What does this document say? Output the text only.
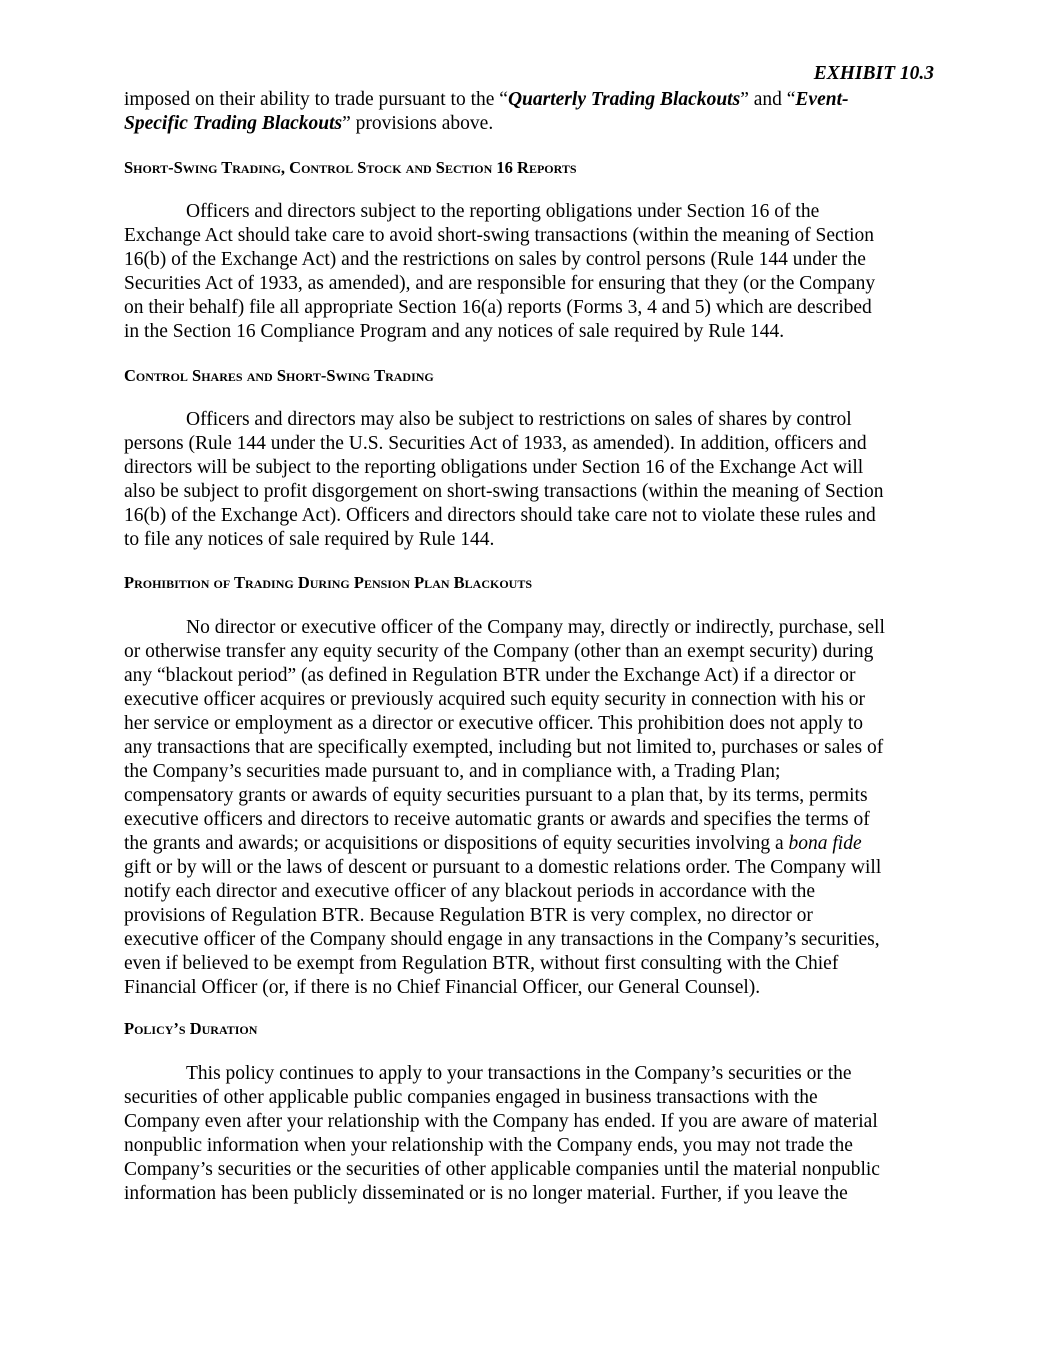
EXHIBIT 10.3

imposed on their ability to trade pursuant to the “Quarterly Trading Blackouts” and “Event-
Specific Trading Blackouts” provisions above.

Short-Swing Trading, Control Stock and Section 16 Reports

Officers and directors subject to the reporting obligations under Section 16 of the
Exchange Act should take care to avoid short-swing transactions (within the meaning of Section
16(b) of the Exchange Act) and the restrictions on sales by control persons (Rule 144 under the
Securities Act of 1933, as amended), and are responsible for ensuring that they (or the Company
on their behalf) file all appropriate Section 16(a) reports (Forms 3, 4 and 5) which are described
in the Section 16 Compliance Program and any notices of sale required by Rule 144.

Control Shares and Short-Swing Trading

Officers and directors may also be subject to restrictions on sales of shares by control
persons (Rule 144 under the U.S. Securities Act of 1933, as amended). In addition, officers and
directors will be subject to the reporting obligations under Section 16 of the Exchange Act will
also be subject to profit disgorgement on short-swing transactions (within the meaning of Section
16(b) of the Exchange Act). Officers and directors should take care not to violate these rules and
to file any notices of sale required by Rule 144.

Prohibition of Trading During Pension Plan Blackouts

No director or executive officer of the Company may, directly or indirectly, purchase, sell
or otherwise transfer any equity security of the Company (other than an exempt security) during
any “blackout period” (as defined in Regulation BTR under the Exchange Act) if a director or
executive officer acquires or previously acquired such equity security in connection with his or
her service or employment as a director or executive officer. This prohibition does not apply to
any transactions that are specifically exempted, including but not limited to, purchases or sales of
the Company’s securities made pursuant to, and in compliance with, a Trading Plan;
compensatory grants or awards of equity securities pursuant to a plan that, by its terms, permits
executive officers and directors to receive automatic grants or awards and specifies the terms of
the grants and awards; or acquisitions or dispositions of equity securities involving a bona fide
gift or by will or the laws of descent or pursuant to a domestic relations order. The Company will
notify each director and executive officer of any blackout periods in accordance with the
provisions of Regulation BTR. Because Regulation BTR is very complex, no director or
executive officer of the Company should engage in any transactions in the Company’s securities,
even if believed to be exempt from Regulation BTR, without first consulting with the Chief
Financial Officer (or, if there is no Chief Financial Officer, our General Counsel).

Policy’s Duration

This policy continues to apply to your transactions in the Company’s securities or the
securities of other applicable public companies engaged in business transactions with the
Company even after your relationship with the Company has ended. If you are aware of material
nonpublic information when your relationship with the Company ends, you may not trade the
Company’s securities or the securities of other applicable companies until the material nonpublic
information has been publicly disseminated or is no longer material. Further, if you leave the
